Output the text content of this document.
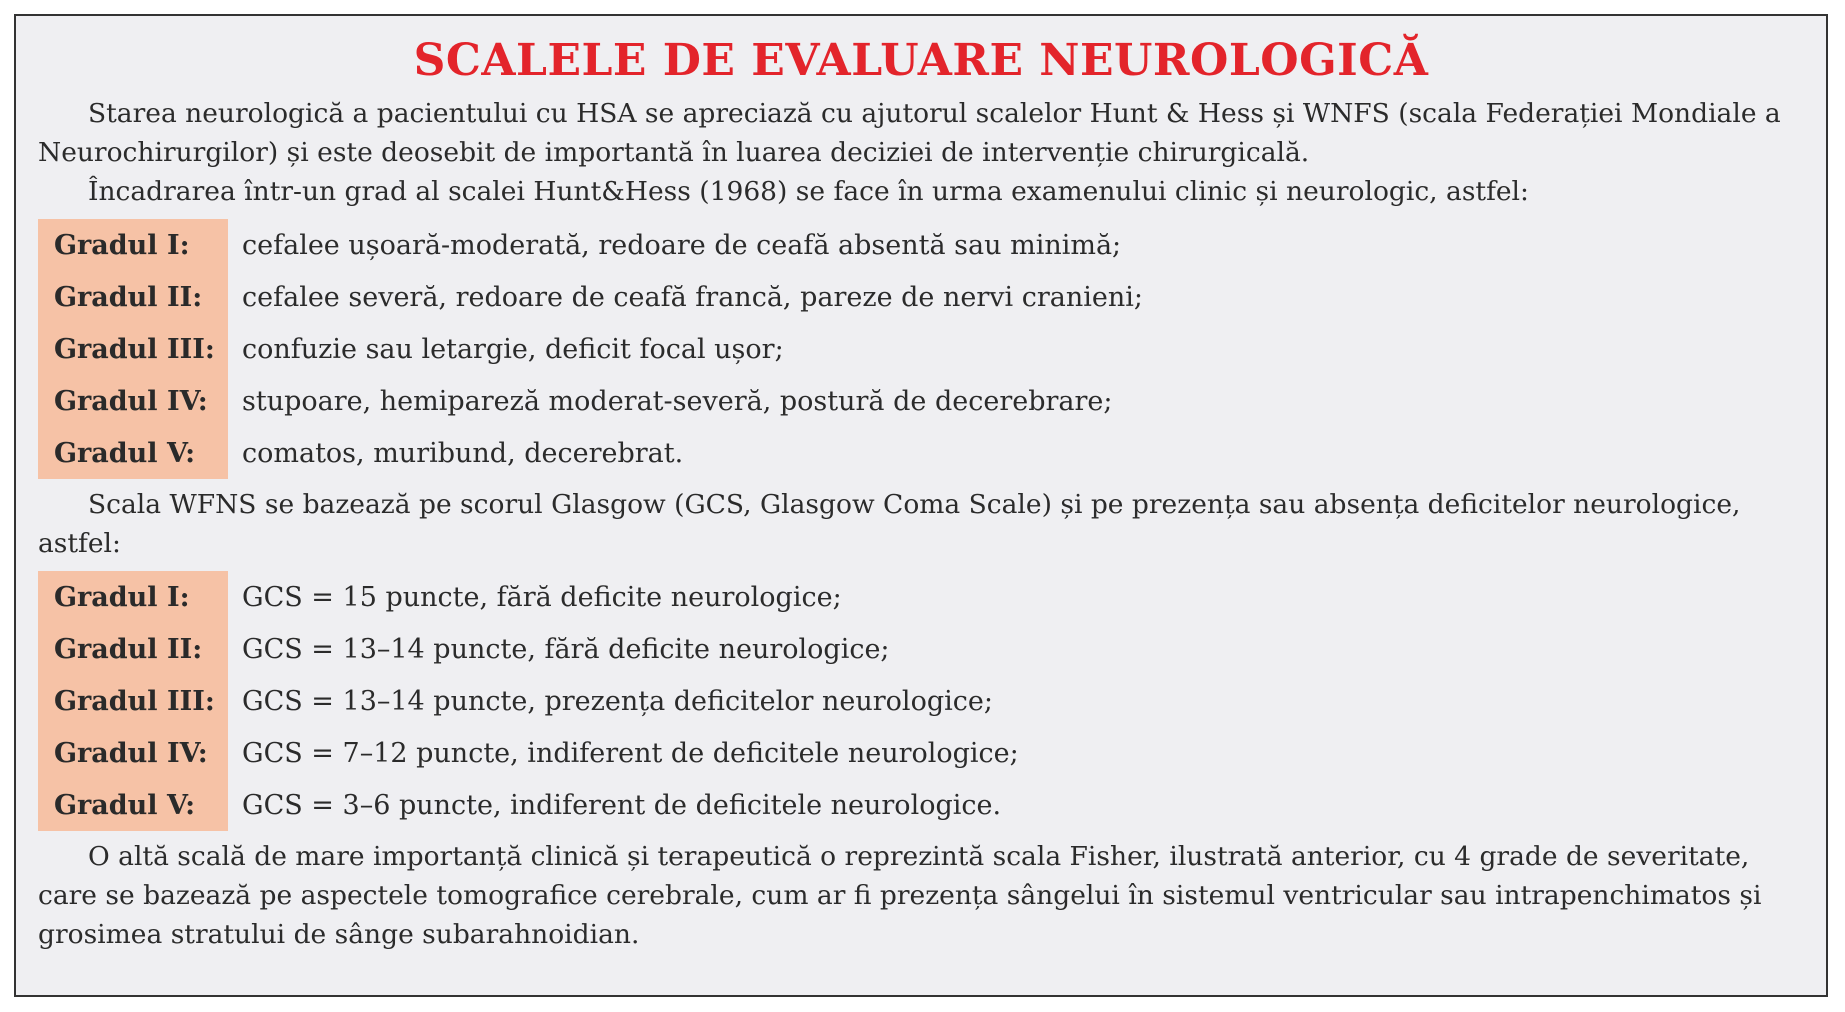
SCALELE DE EVALUARE NEUROLOGICĂ

Starea neurologică a pacientului cu HSA se apreciază cu ajutorul scalelor Hunt & Hess și WNFS (scala Federației Mondiale a Neurochirurgilor) și este deosebit de importantă în luarea deciziei de intervenție chirurgicală.

Încadrarea într-un grad al scalei Hunt&Hess (1968) se face în urma examenului clinic și neurologic, astfel:

Gradul I:	cefalee ușoară-moderată, redoare de ceafă absentă sau minimă;
Gradul II:	cefalee severă, redoare de ceafă francă, pareze de nervi cranieni;
Gradul III:	confuzie sau letargie, deficit focal ușor;
Gradul IV:	stupoare, hemipareză moderat-severă, postură de decerebrare;
Gradul V:	comatos, muribund, decerebrat.

Scala WFNS se bazează pe scorul Glasgow (GCS, Glasgow Coma Scale) și pe prezența sau absența deficitelor neurologice, astfel:

Gradul I:	GCS = 15 puncte, fără deficite neurologice;
Gradul II:	GCS = 13–14 puncte, fără deficite neurologice;
Gradul III:	GCS = 13–14 puncte, prezența deficitelor neurologice;
Gradul IV:	GCS = 7–12 puncte, indiferent de deficitele neurologice;
Gradul V:	GCS = 3–6 puncte, indiferent de deficitele neurologice.

O altă scală de mare importanță clinică și terapeutică o reprezintă scala Fisher, ilustrată anterior, cu 4 grade de severitate, care se bazează pe aspectele tomografice cerebrale, cum ar fi prezența sângelui în sistemul ventricular sau intrapenchimatos și grosimea stratului de sânge subarahnoidian.
